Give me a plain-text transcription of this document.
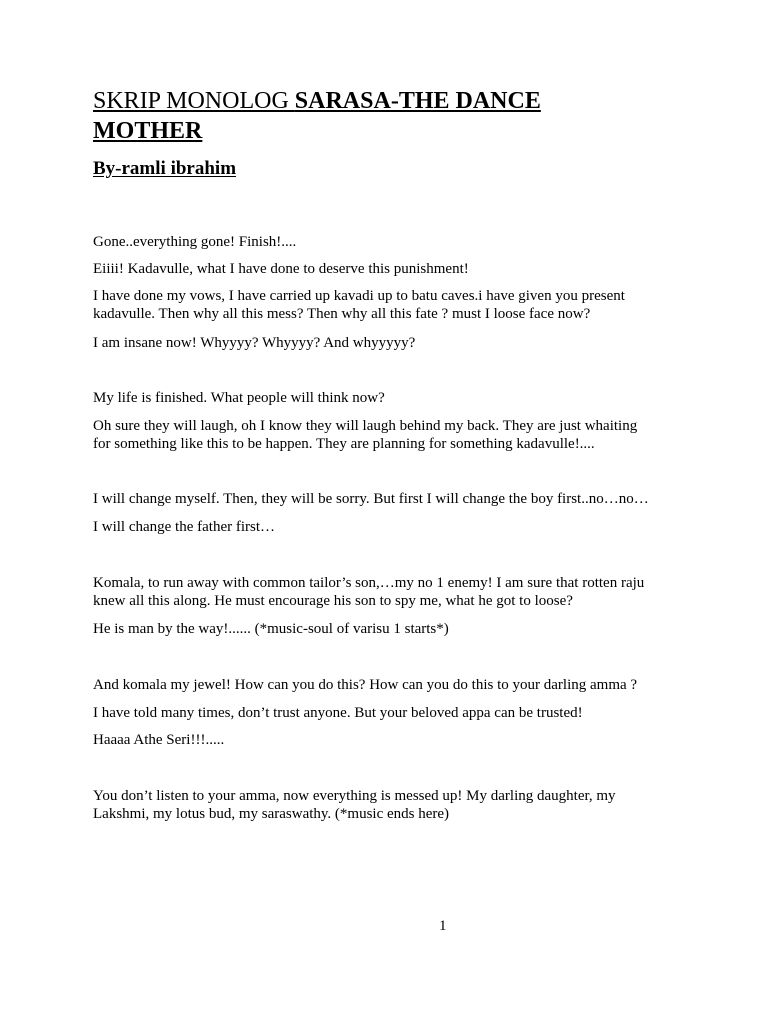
SKRIP MONOLOG SARASA-THE DANCE
MOTHER

By-ramli ibrahim

Gone..everything gone! Finish!....

Eiiii! Kadavulle, what I have done to deserve this punishment!

I have done my vows, I have carried up kavadi up to batu caves.i have given you present
kadavulle. Then why all this mess? Then why all this fate ? must I loose face now?

I am insane now! Whyyyy? Whyyyy? And whyyyyy?

My life is finished. What people will think now?

Oh sure they will laugh, oh I know they will laugh behind my back. They are just whaiting
for something like this to be happen. They are planning for something kadavulle!....

I will change myself. Then, they will be sorry. But first I will change the boy first..no…no…

I will change the father first…

Komala, to run away with common tailor’s son,…my no 1 enemy! I am sure that rotten raju
knew all this along. He must encourage his son to spy me, what he got to loose?

He is man by the way!...... (*music-soul of varisu 1 starts*)

And komala my jewel! How can you do this? How can you do this to your darling amma ?

I have told many times, don’t trust anyone. But your beloved appa can be trusted!

Haaaa Athe Seri!!!.....

You don’t listen to your amma, now everything is messed up! My darling daughter, my
Lakshmi, my lotus bud, my saraswathy. (*music ends here)

1
